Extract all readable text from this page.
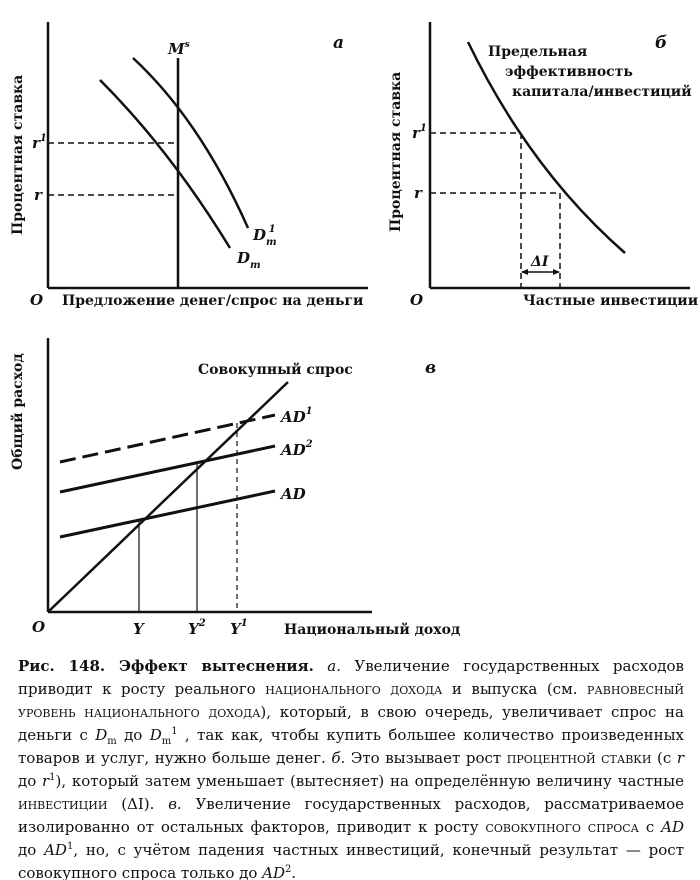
Процентная ставка
Предложение денег/спрос на деньги
O
а
$M^s$
$r^1$
r
$D_m1$
$D_m$
Процентная ставка
Частные инвестиции
O
б
Предельная
эффективность
капитала/инвестиций
$r^1$
r
ΔI
Общий расход
Национальный доход
O
в
Совокупный спрос
$AD^1$
$AD^2$
AD
Y	$Y^2$ $Y^1$
Рис. 148. Эффект вытеснения. а. Увеличение государственных расходов приводит к росту реального национального дохода и выпуска (см. равновесный уровень национального дохода), который, в свою очередь, увеличивает спрос на деньги с $D_m$ до $D_m^1$ , так как, чтобы купить большее количество произведенных товаров и услуг, нужно больше денег. б. Это вызывает рост процентной ставки (с r до $r^1$), который затем уменьшает (вытесняет) на определённую величину частные инвестиции (ΔI). в. Увеличение государственных расходов, рассматриваемое изолированно от остальных факторов, приводит к росту совокупного спроса с AD до $AD^1$, но, с учётом падения частных инвестиций, конечный результат — рост совокупного спроса только до $AD^2$.
